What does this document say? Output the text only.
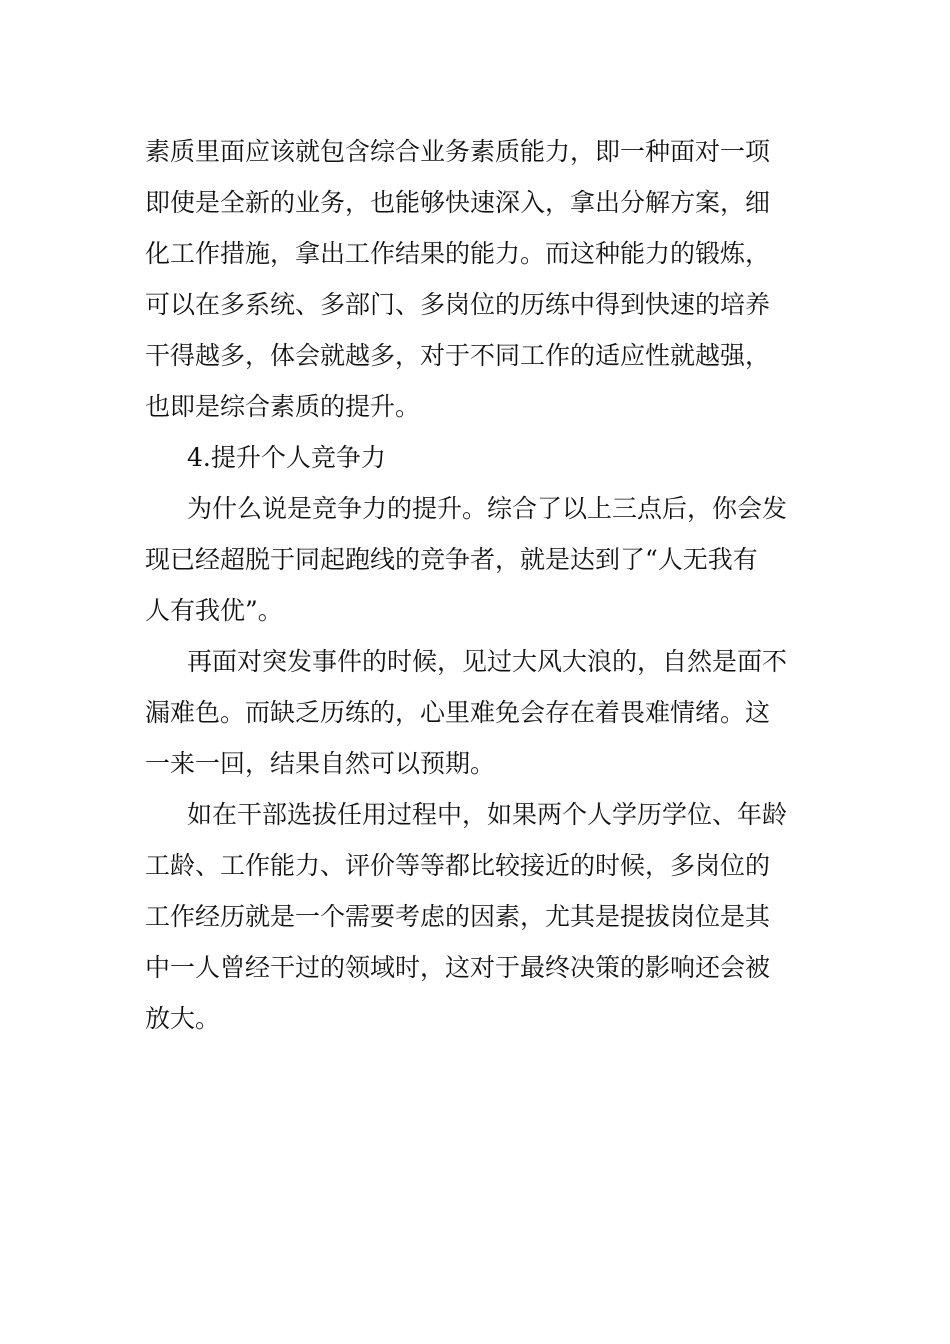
素质里面应该就包含综合业务素质能力，即一种面对一项
即使是全新的业务，也能够快速深入，拿出分解方案，细
化工作措施，拿出工作结果的能力。而这种能力的锻炼，
可以在多系统、多部门、多岗位的历练中得到快速的培养
干得越多，体会就越多，对于不同工作的适应性就越强，
也即是综合素质的提升。
4.提升个人竞争力
为什么说是竞争力的提升。综合了以上三点后，你会发
现已经超脱于同起跑线的竞争者，就是达到了“人无我有
人有我优”。
再面对突发事件的时候，见过大风大浪的，自然是面不
漏难色。而缺乏历练的，心里难免会存在着畏难情绪。这
一来一回，结果自然可以预期。
如在干部选拔任用过程中，如果两个人学历学位、年龄
工龄、工作能力、评价等等都比较接近的时候，多岗位的
工作经历就是一个需要考虑的因素，尤其是提拔岗位是其
中一人曾经干过的领域时，这对于最终决策的影响还会被
放大。
